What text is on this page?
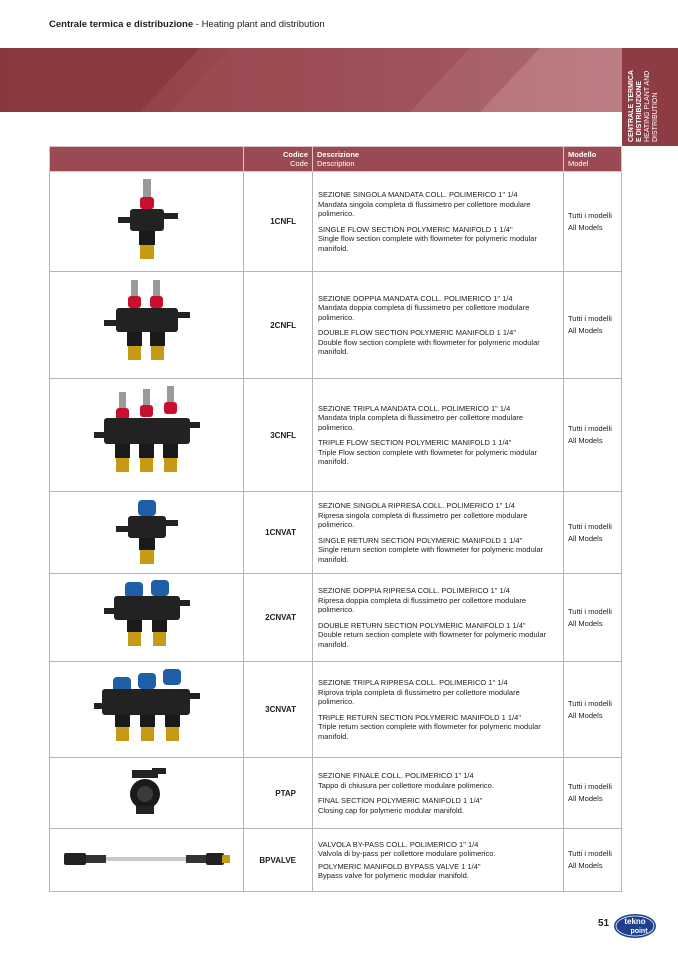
Centrale termica e distribuzione - Heating plant and distribution
CENTRALE TERMICA E DISTRIBUZIONE HEATING PLANT AND DISTRIBUTION

	Codice
Code	Descrizione
Description	Modello
Model
	1CNFL	SEZIONE SINGOLA MANDATA COLL. POLIMERICO 1" 1/4
Mandata singola completa di flussimetro per collettore modulare polimerico.
SINGLE FLOW SECTION POLYMERIC MANIFOLD 1 1/4"
Single flow section complete with flowmeter for polymeric modular manifold.	Tutti i modelli
All Models

	2CNFL	SEZIONE DOPPIA MANDATA COLL. POLIMERICO 1" 1/4
Mandata doppia completa di flussimetro per collettore modulare polimerico.
DOUBLE FLOW SECTION POLYMERIC MANIFOLD 1 1/4"
Double flow section complete with flowmeter for polymeric modular manifold.	Tutti i modelli
All Models

	3CNFL	SEZIONE TRIPLA MANDATA COLL. POLIMERICO 1" 1/4
Mandata tripla completa di flussimetro per collettore modulare polimerico.
TRIPLE FLOW SECTION POLYMERIC MANIFOLD 1 1/4"
Triple Flow section complete with flowmeter for polymeric modular manifold.	Tutti i modelli
All Models

	1CNVAT	SEZIONE SINGOLA RIPRESA COLL. POLIMERICO 1" 1/4
Ripresa singola completa di flussimetro per collettore modulare polimerico.
SINGLE RETURN SECTION POLYMERIC MANIFOLD 1 1/4"
Single return section complete with flowmeter for polymeric modular manifold.	Tutti i modelli
All Models

	2CNVAT	SEZIONE DOPPIA RIPRESA COLL. POLIMERICO 1" 1/4
Ripresa doppia completa di flussimetro per collettore modulare polimerico.
DOUBLE RETURN SECTION POLYMERIC MANIFOLD 1 1/4"
Double return section complete with flowmeter for polymeric modular manifold.	Tutti i modelli
All Models

	3CNVAT	SEZIONE TRIPLA RIPRESA COLL. POLIMERICO 1" 1/4
Riprova tripla completa di flussimetro per collettore modulare polimerico.
TRIPLE RETURN SECTION POLYMERIC MANIFOLD 1 1/4"
Triple return section complete with flowmeter for polymeric modular manifold.	Tutti i modelli
All Models

	PTAP	SEZIONE FINALE COLL. POLIMERICO 1" 1/4
Tappo di chiusura per collettore modulare polimerico.
FINAL SECTION POLYMERIC MANIFOLD 1 1/4"
Closing cap for polymeric modular manifold.	Tutti i modelli
All Models

	BPVALVE	VALVOLA BY-PASS COLL. POLIMERICO 1" 1/4
Valvola di by-pass per collettore modulare polimerico.
POLYMERIC MANIFOLD BYPASS VALVE 1 1/4"
Bypass valve for polymeric modular manifold.	Tutti i modelli
All Models
51 tekno
point
